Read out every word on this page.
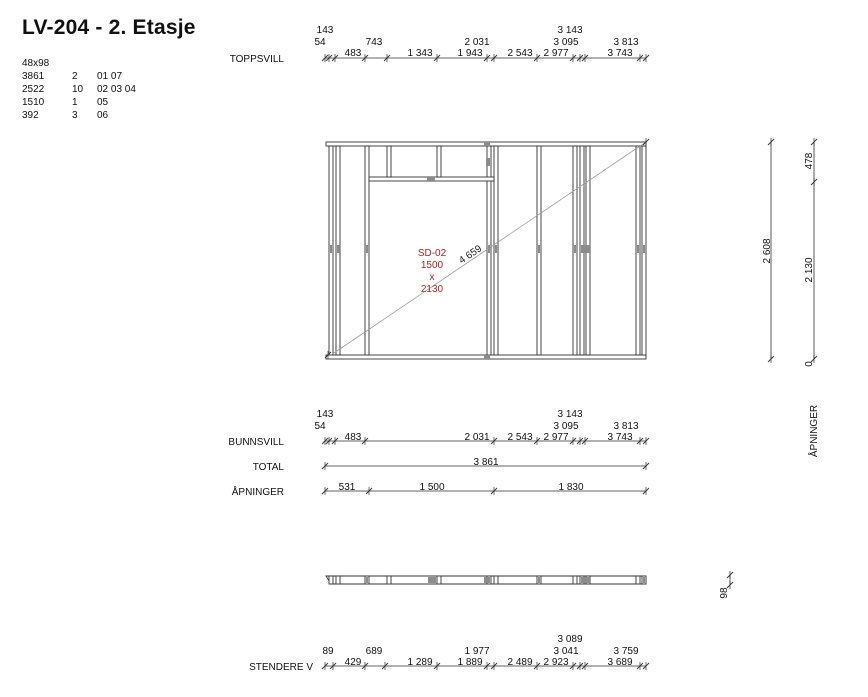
LV-204 - 2. Etasje
48x98
3861	2 01 07
2522	10 02 03 04
1510	1 05
392	3 06
TOPPSVILL
143
54	743	2 031
3 143
3 095	3 813
483	1 343 1 943 2 543 2 977	3 743
4 659
SD-02
1500
x
2130
2 608
478
2 130
0
ÅPNINGER
BUNNSVILL
143
54
3 143
3 095	3 813
483	2 031 2 543 2 977	3 743
TOTAL	3 861
ÅPNINGER	531	1 500	1 830
98
STENDERE V
89	689	1 977
3 089
3 041	3 759
429	1 289 1 889 2 489 2 923	3 689
